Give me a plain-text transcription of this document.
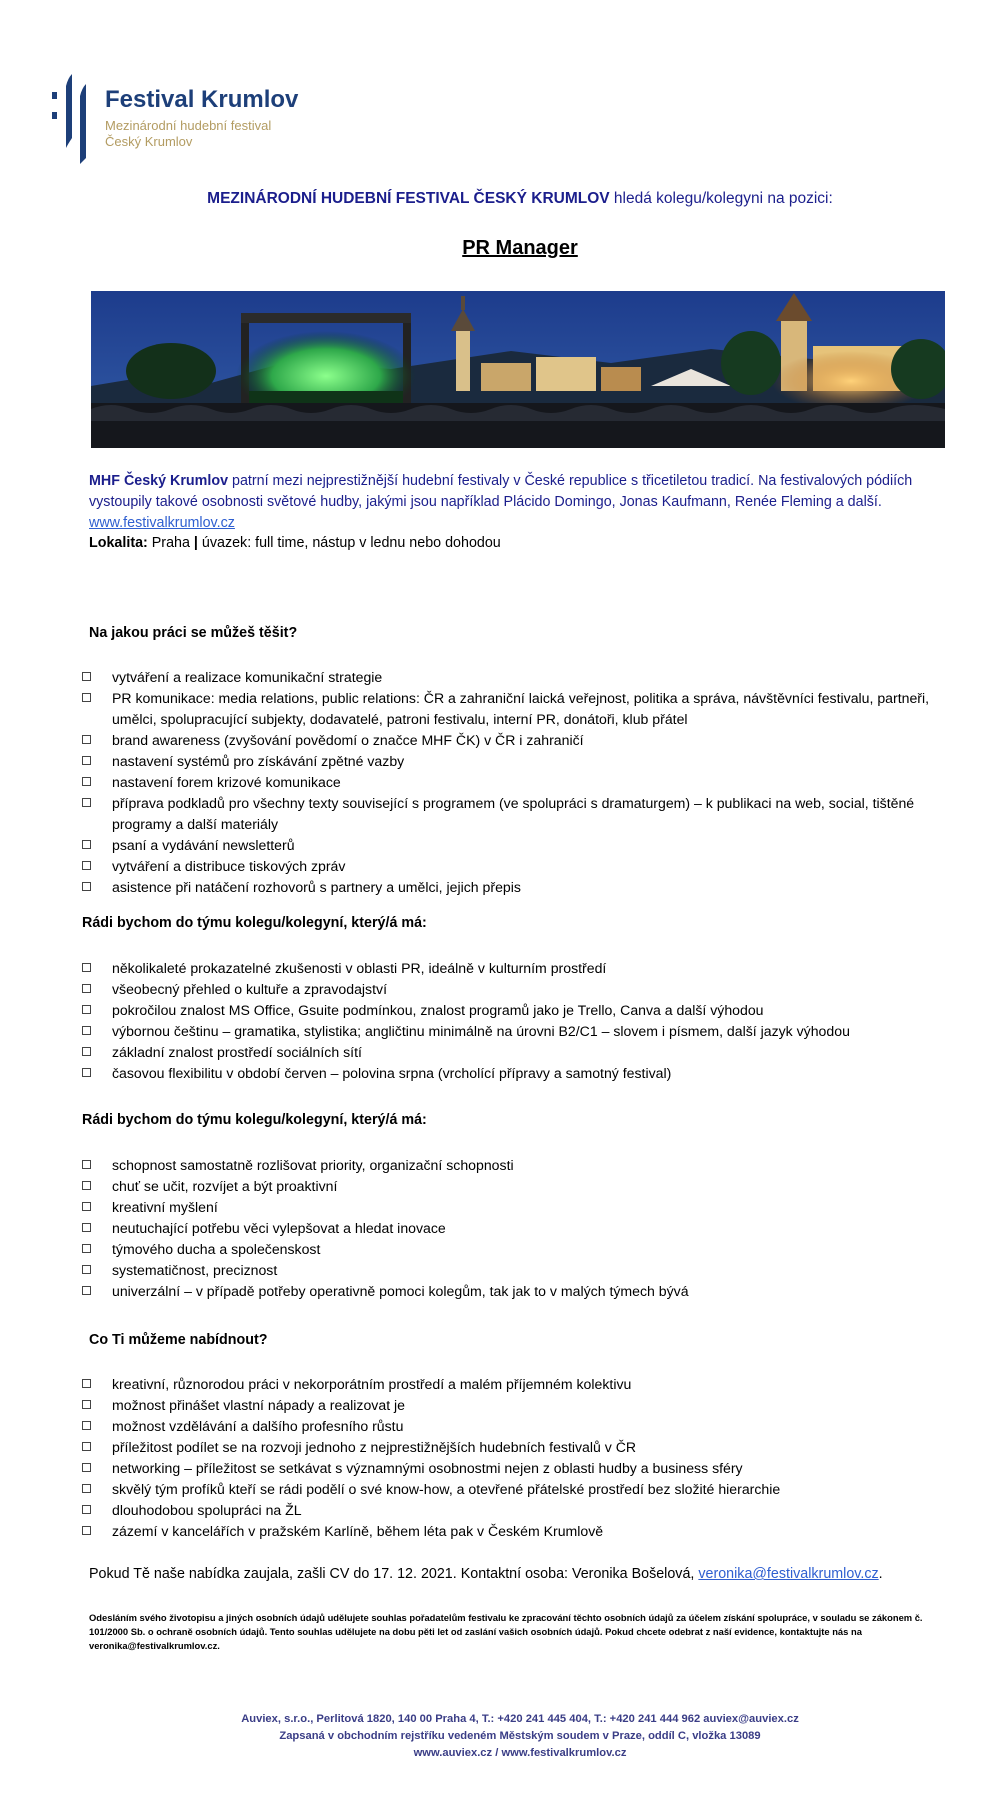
Festival Krumlov
Mezinárodní hudební festival
Český Krumlov
MEZINÁRODNÍ HUDEBNÍ FESTIVAL ČESKÝ KRUMLOV hledá kolegu/kolegyni na pozici:
PR Manager
MHF Český Krumlov patrní mezi nejprestižnější hudební festivaly v České republice s třicetiletou tradicí. Na festivalových pódiích vystoupily takové osobnosti světové hudby, jakými jsou například Plácido Domingo, Jonas Kaufmann, Renée Fleming a další. www.festivalkrumlov.cz
Lokalita: Praha | úvazek: full time, nástup v lednu nebo dohodou
Na jakou práci se můžeš těšit?
vytváření a realizace komunikační strategie
PR komunikace: media relations, public relations: ČR a zahraniční laická veřejnost, politika a správa, návštěvníci festivalu, partneři, umělci, spolupracující subjekty, dodavatelé, patroni festivalu, interní PR, donátoři, klub přátel
brand awareness (zvyšování povědomí o značce MHF ČK) v ČR i zahraničí
nastavení systémů pro získávání zpětné vazby
nastavení forem krizové komunikace
příprava podkladů pro všechny texty související s programem (ve spolupráci s dramaturgem) – k publikaci na web, social, tištěné programy a další materiály
psaní a vydávání newsletterů
vytváření a distribuce tiskových zpráv
asistence při natáčení rozhovorů s partnery a umělci, jejich přepis
Rádi bychom do týmu kolegu/kolegyní, který/á má:
několikaleté prokazatelné zkušenosti v oblasti PR, ideálně v kulturním prostředí
všeobecný přehled o kultuře a zpravodajství
pokročilou znalost MS Office, Gsuite podmínkou, znalost programů jako je Trello, Canva a další výhodou
výbornou češtinu – gramatika, stylistika; angličtinu minimálně na úrovni B2/C1 – slovem i písmem, další jazyk výhodou
základní znalost prostředí sociálních sítí
časovou flexibilitu v období červen – polovina srpna (vrcholící přípravy a samotný festival)
Rádi bychom do týmu kolegu/kolegyní, který/á má:
schopnost samostatně rozlišovat priority, organizační schopnosti
chuť se učit, rozvíjet a být proaktivní
kreativní myšlení
neutuchající potřebu věci vylepšovat a hledat inovace
týmového ducha a společenskost
systematičnost, preciznost
univerzální – v případě potřeby operativně pomoci kolegům, tak jak to v malých týmech bývá
Co Ti můžeme nabídnout?
kreativní, různorodou práci v nekorporátním prostředí a malém příjemném kolektivu
možnost přinášet vlastní nápady a realizovat je
možnost vzdělávání a dalšího profesního růstu
příležitost podílet se na rozvoji jednoho z nejprestižnějších hudebních festivalů v ČR
networking – příležitost se setkávat s významnými osobnostmi nejen z oblasti hudby a business sféry
skvělý tým profíků kteří se rádi podělí o své know-how, a otevřené přátelské prostředí bez složité hierarchie
dlouhodobou spolupráci na ŽL
zázemí v kancelářích v pražském Karlíně, během léta pak v Českém Krumlově
Pokud Tě naše nabídka zaujala, zašli CV do 17. 12. 2021. Kontaktní osoba: Veronika Bošelová, veronika@festivalkrumlov.cz.
Odesláním svého životopisu a jiných osobních údajů udělujete souhlas pořadatelům festivalu ke zpracování těchto osobních údajů za účelem získání spolupráce, v souladu se zákonem č. 101/2000 Sb. o ochraně osobních údajů. Tento souhlas udělujete na dobu pěti let od zaslání vašich osobních údajů. Pokud chcete odebrat z naší evidence, kontaktujte nás na veronika@festivalkrumlov.cz.
Auviex, s.r.o., Perlitová 1820, 140 00 Praha 4, T.: +420 241 445 404, T.: +420 241 444 962 auviex@auviex.cz
Zapsaná v obchodním rejstříku vedeném Městským soudem v Praze, oddíl C, vložka 13089
www.auviex.cz / www.festivalkrumlov.cz
